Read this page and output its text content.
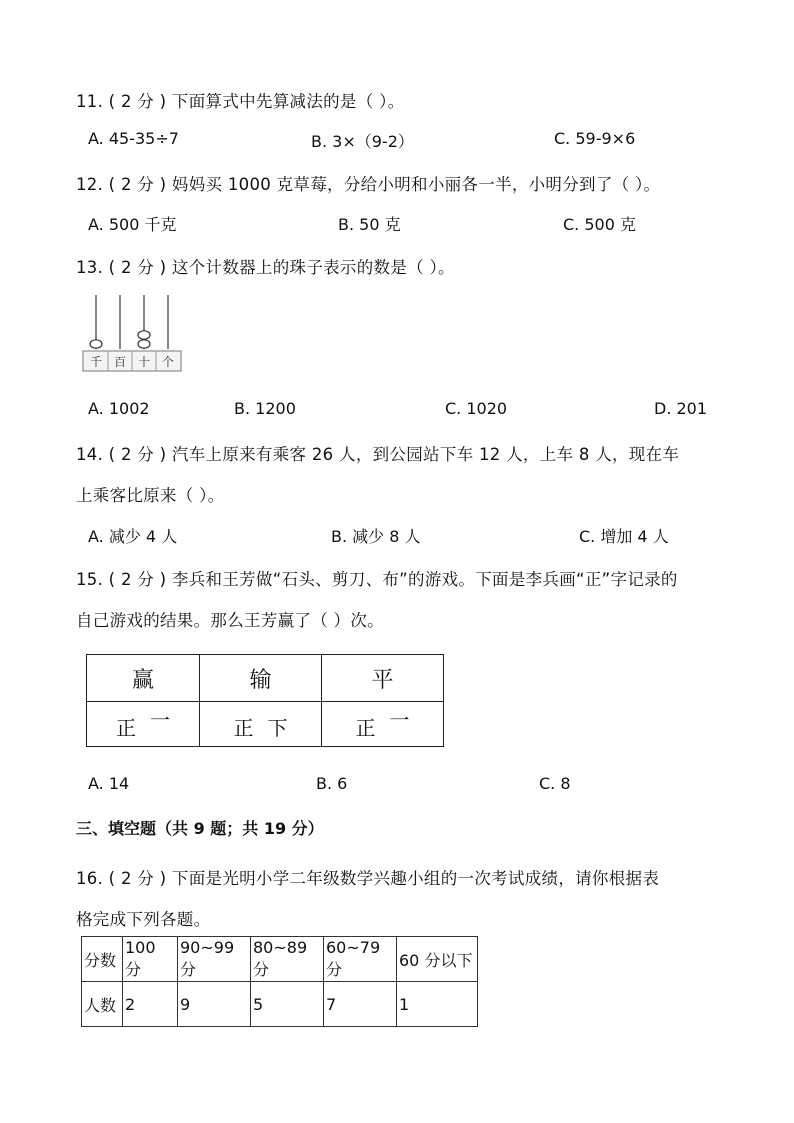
11. ( 2 分 ) 下面算式中先算减法的是（ ）。
A. 45-35÷7	B. 3×（9-2）	C. 59-9×6
12. ( 2 分 ) 妈妈买 1000 克草莓，分给小明和小丽各一半，小明分到了（ ）。
A. 500 千克	B. 50 克	C. 500 克
13. ( 2 分 ) 这个计数器上的珠子表示的数是（ ）。
千 百 十 个
A. 1002	B. 1200	C. 1020	D. 201
14. ( 2 分 ) 汽车上原来有乘客 26 人，到公园站下车 12 人，上车 8 人，现在车
上乘客比原来（ ）。
A. 减少 4 人	B. 减少 8 人	C. 增加 4 人
15. ( 2 分 ) 李兵和王芳做“石头、剪刀、布”的游戏。下面是李兵画“正”字记录的
自己游戏的结果。那么王芳赢了（ ）次。
赢	输	平
正 一	正 下	正 一
A. 14	B. 6	C. 8
三、填空题（共 9 题；共 19 分）
16. ( 2 分 ) 下面是光明小学二年级数学兴趣小组的一次考试成绩，请你根据表
格完成下列各题。
分数	100 分	90~99 分	80~89 分	60~79 分	60 分以下
人数	2	9	5	7	1
